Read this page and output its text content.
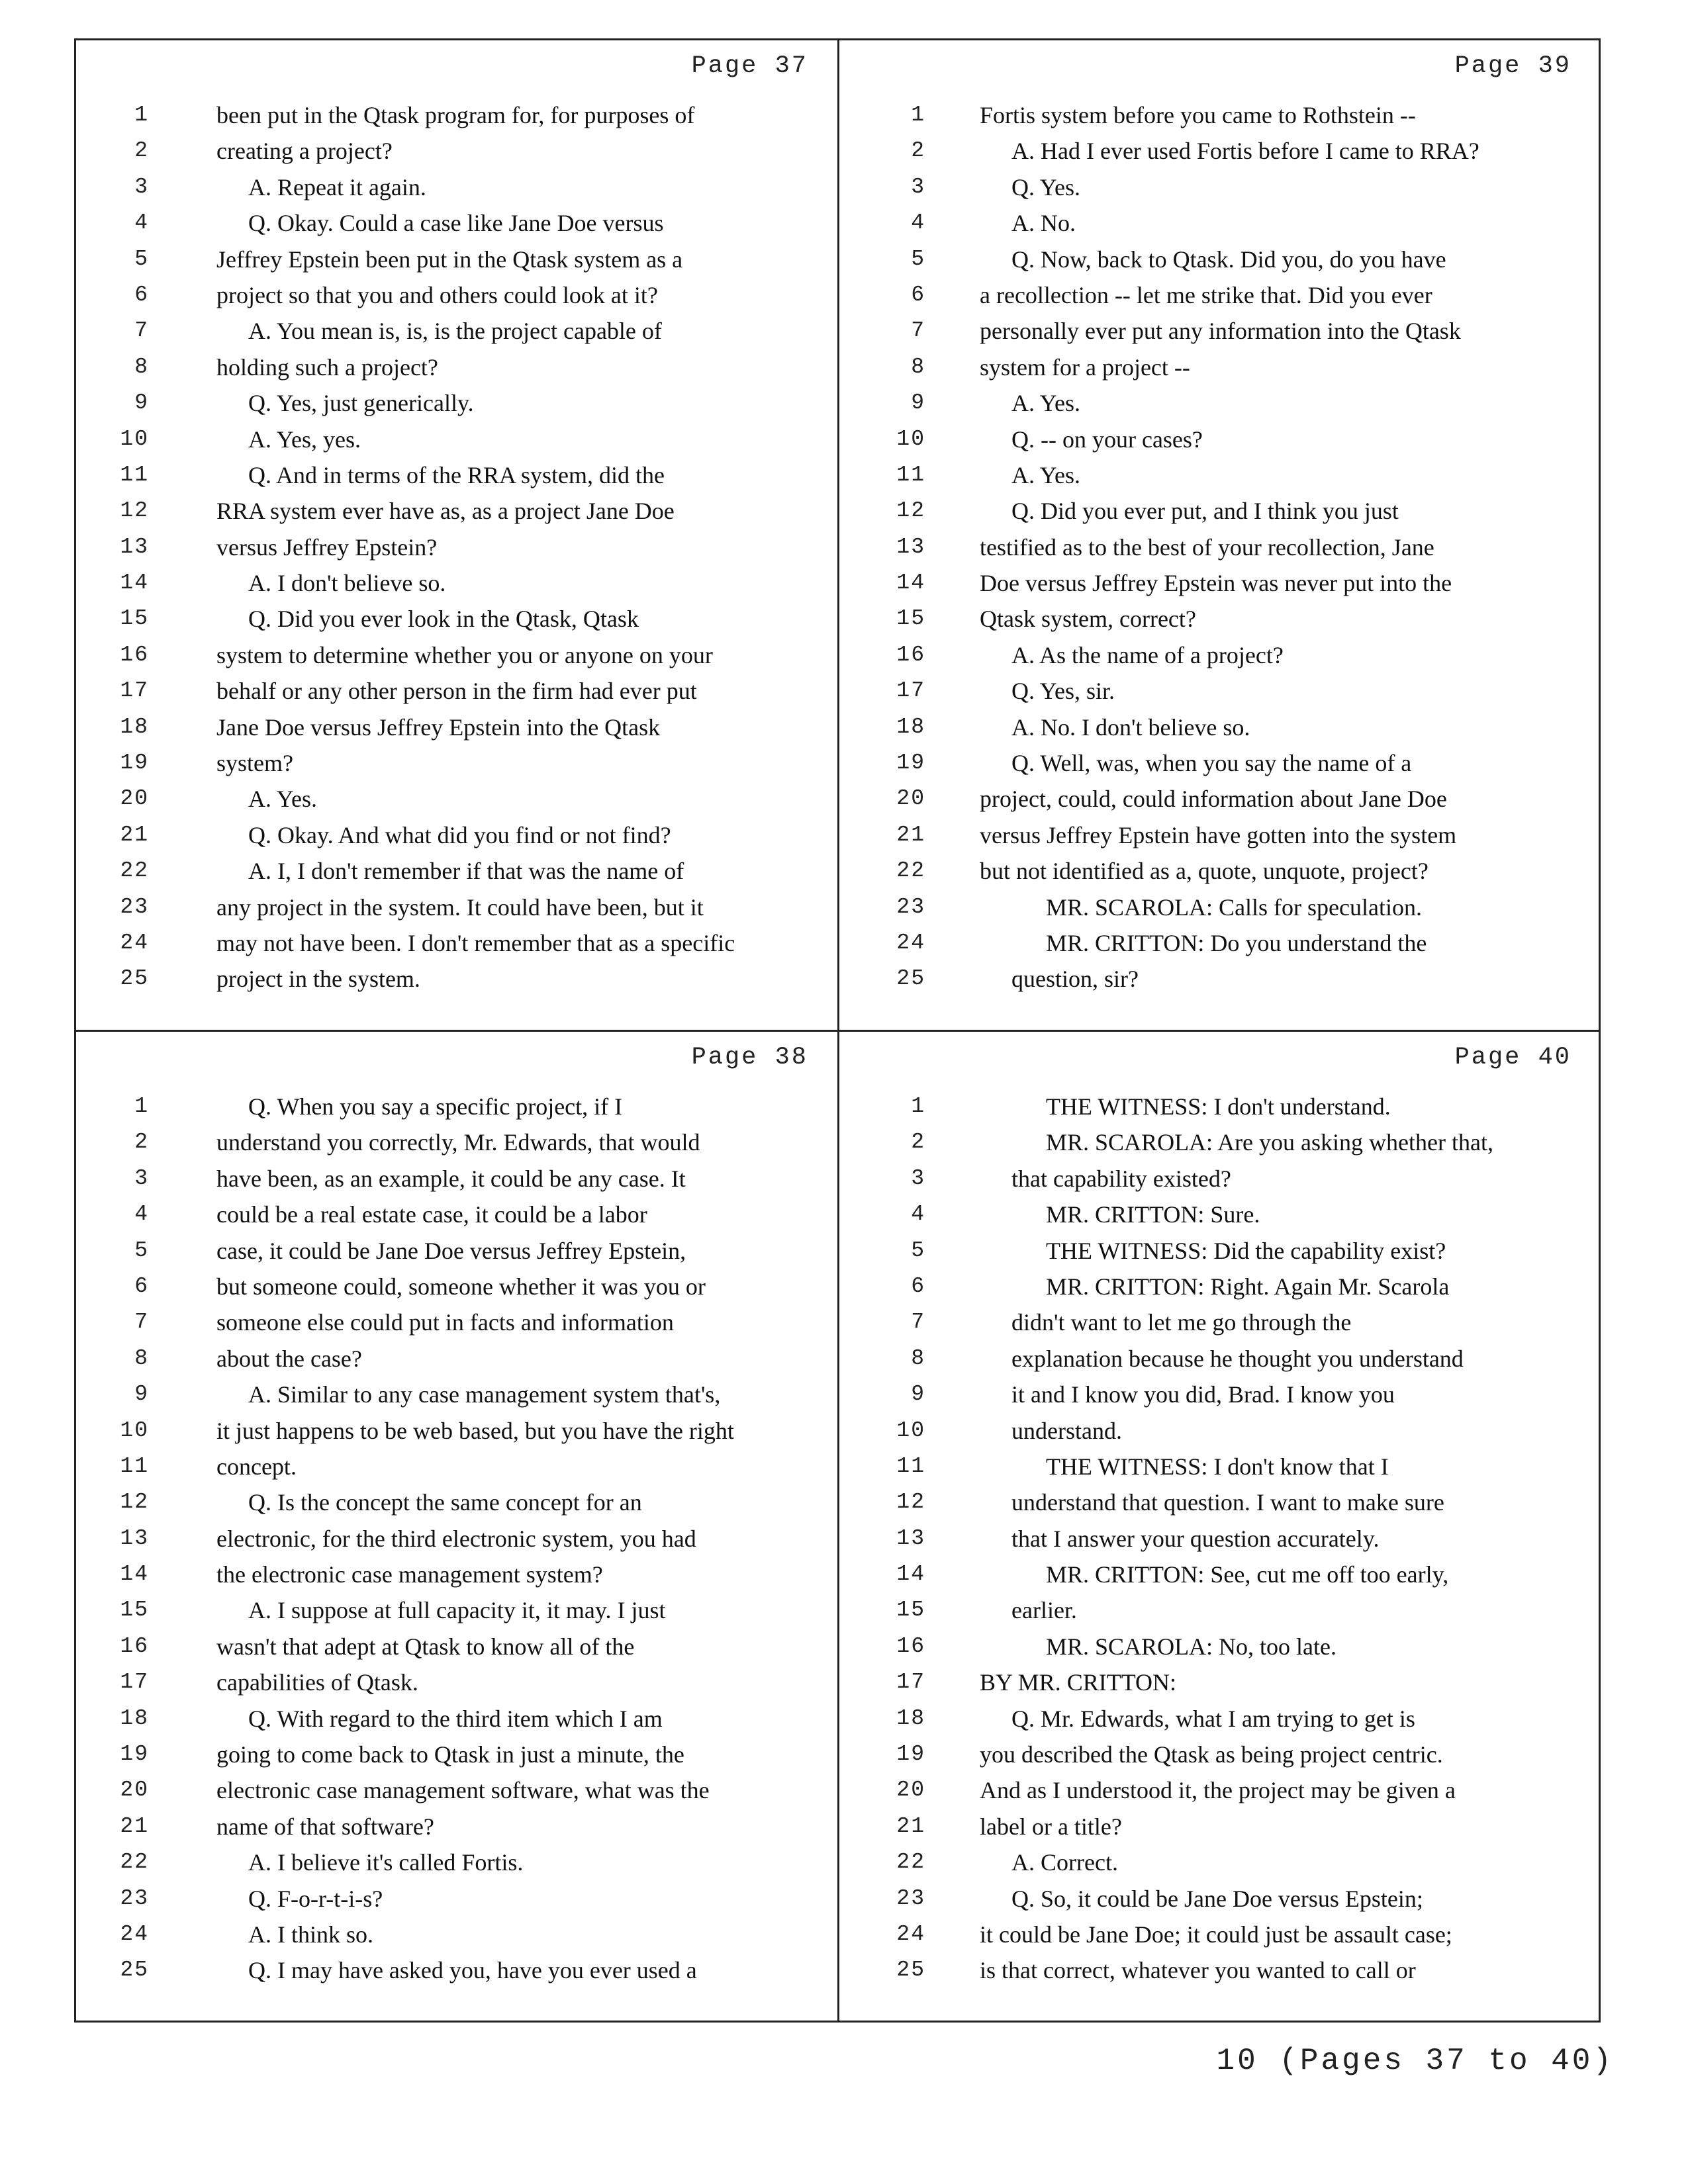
Page 37
1	been put in the Qtask program for, for purposes of
2	creating a project?
3	A. Repeat it again.
4	Q. Okay. Could a case like Jane Doe versus
5	Jeffrey Epstein been put in the Qtask system as a
6	project so that you and others could look at it?
7	A. You mean is, is, is the project capable of
8	holding such a project?
9	Q. Yes, just generically.
10	A. Yes, yes.
11	Q. And in terms of the RRA system, did the
12	RRA system ever have as, as a project Jane Doe
13	versus Jeffrey Epstein?
14	A. I don't believe so.
15	Q. Did you ever look in the Qtask, Qtask
16	system to determine whether you or anyone on your
17	behalf or any other person in the firm had ever put
18	Jane Doe versus Jeffrey Epstein into the Qtask
19	system?
20	A. Yes.
21	Q. Okay. And what did you find or not find?
22	A. I, I don't remember if that was the name of
23	any project in the system. It could have been, but it
24	may not have been. I don't remember that as a specific
25	project in the system.
Page 39
1 Fortis system before you came to Rothstein --
2	A. Had I ever used Fortis before I came to RRA?
3	Q. Yes.
4	A. No.
5	Q. Now, back to Qtask. Did you, do you have
6 a recollection -- let me strike that. Did you ever
7 personally ever put any information into the Qtask
8 system for a project --
9	A. Yes.
10	Q. -- on your cases?
11	A. Yes.
12	Q. Did you ever put, and I think you just
13 testified as to the best of your recollection, Jane
14 Doe versus Jeffrey Epstein was never put into the
15 Qtask system, correct?
16	A. As the name of a project?
17	Q. Yes, sir.
18	A. No. I don't believe so.
19	Q. Well, was, when you say the name of a
20 project, could, could information about Jane Doe
21 versus Jeffrey Epstein have gotten into the system
22 but not identified as a, quote, unquote, project?
23	MR. SCAROLA: Calls for speculation.
24	MR. CRITTON: Do you understand the
25	question, sir?
Page 38
1	Q. When you say a specific project, if I
2	understand you correctly, Mr. Edwards, that would
3	have been, as an example, it could be any case. It
4	could be a real estate case, it could be a labor
5	case, it could be Jane Doe versus Jeffrey Epstein,
6	but someone could, someone whether it was you or
7	someone else could put in facts and information
8	about the case?
9	A. Similar to any case management system that's,
10	it just happens to be web based, but you have the right
11	concept.
12	Q. Is the concept the same concept for an
13	electronic, for the third electronic system, you had
14	the electronic case management system?
15	A. I suppose at full capacity it, it may. I just
16	wasn't that adept at Qtask to know all of the
17	capabilities of Qtask.
18	Q. With regard to the third item which I am
19	going to come back to Qtask in just a minute, the
20	electronic case management software, what was the
21	name of that software?
22	A. I believe it's called Fortis.
23	Q. F-o-r-t-i-s?
24	A. I think so.
25	Q. I may have asked you, have you ever used a
Page 40
1	THE WITNESS: I don't understand.
2	MR. SCAROLA: Are you asking whether that,
3	that capability existed?
4	MR. CRITTON: Sure.
5	THE WITNESS: Did the capability exist?
6	MR. CRITTON: Right. Again Mr. Scarola
7	didn't want to let me go through the
8	explanation because he thought you understand
9	it and I know you did, Brad. I know you
10	understand.
11	THE WITNESS: I don't know that I
12	understand that question. I want to make sure
13	that I answer your question accurately.
14	MR. CRITTON: See, cut me off too early,
15	earlier.
16	MR. SCAROLA: No, too late.
17 BY MR. CRITTON:
18	Q. Mr. Edwards, what I am trying to get is
19 you described the Qtask as being project centric.
20 And as I understood it, the project may be given a
21 label or a title?
22	A. Correct.
23	Q. So, it could be Jane Doe versus Epstein;
24 it could be Jane Doe; it could just be assault case;
25 is that correct, whatever you wanted to call or
10 (Pages 37 to 40)
